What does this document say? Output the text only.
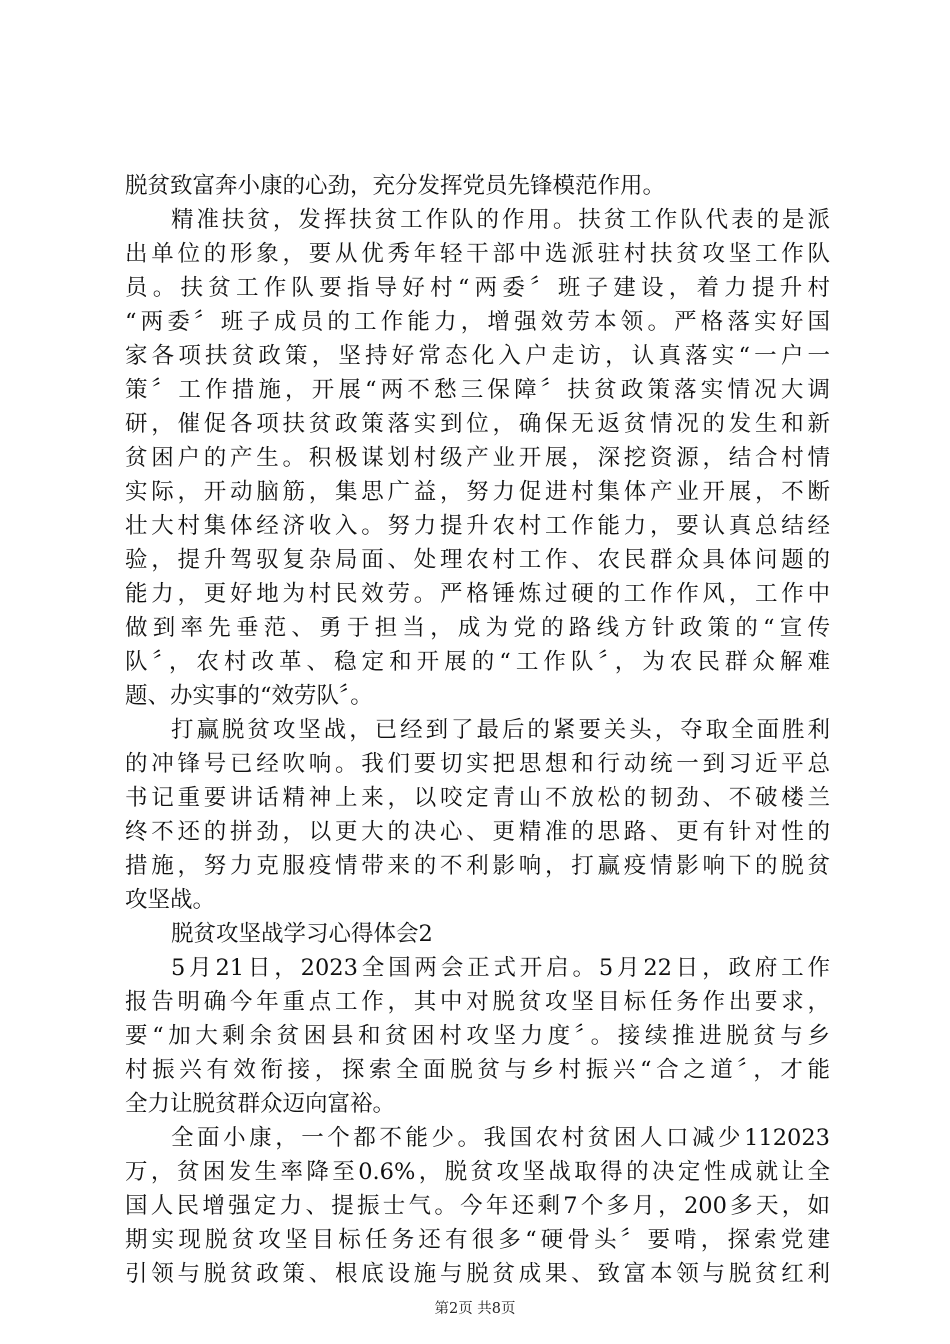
脱贫致富奔小康的心劲，充分发挥党员先锋模范作用。
精准扶贫，发挥扶贫工作队的作用。扶贫工作队代表的是派
出单位的形象，要从优秀年轻干部中选派驻村扶贫攻坚工作队
员。扶贫工作队要指导好村“两委〞班子建设，着力提升村
“两委〞班子成员的工作能力，增强效劳本领。严格落实好国
家各项扶贫政策，坚持好常态化入户走访，认真落实“一户一
策〞工作措施，开展“两不愁三保障〞扶贫政策落实情况大调
研，催促各项扶贫政策落实到位，确保无返贫情况的发生和新
贫困户的产生。积极谋划村级产业开展，深挖资源，结合村情
实际，开动脑筋，集思广益，努力促进村集体产业开展，不断
壮大村集体经济收入。努力提升农村工作能力，要认真总结经
验，提升驾驭复杂局面、处理农村工作、农民群众具体问题的
能力，更好地为村民效劳。严格锤炼过硬的工作作风，工作中
做到率先垂范、勇于担当，成为党的路线方针政策的“宣传
队〞，农村改革、稳定和开展的“工作队〞，为农民群众解难
题、办实事的“效劳队〞。
打赢脱贫攻坚战，已经到了最后的紧要关头，夺取全面胜利
的冲锋号已经吹响。我们要切实把思想和行动统一到习近平总
书记重要讲话精神上来，以咬定青山不放松的韧劲、不破楼兰
终不还的拼劲，以更大的决心、更精准的思路、更有针对性的
措施，努力克服疫情带来的不利影响，打赢疫情影响下的脱贫
攻坚战。
脱贫攻坚战学习心得体会2
5月21日，2023全国两会正式开启。5月22日，政府工作
报告明确今年重点工作，其中对脱贫攻坚目标任务作出要求，
要“加大剩余贫困县和贫困村攻坚力度〞。接续推进脱贫与乡
村振兴有效衔接，探索全面脱贫与乡村振兴“合之道〞，才能
全力让脱贫群众迈向富裕。
全面小康，一个都不能少。我国农村贫困人口减少112023
万，贫困发生率降至0.6%，脱贫攻坚战取得的决定性成就让全
国人民增强定力、提振士气。今年还剩7个多月，200多天，如
期实现脱贫攻坚目标任务还有很多“硬骨头〞要啃，探索党建
引领与脱贫政策、根底设施与脱贫成果、致富本领与脱贫红利
第2页 共8页
